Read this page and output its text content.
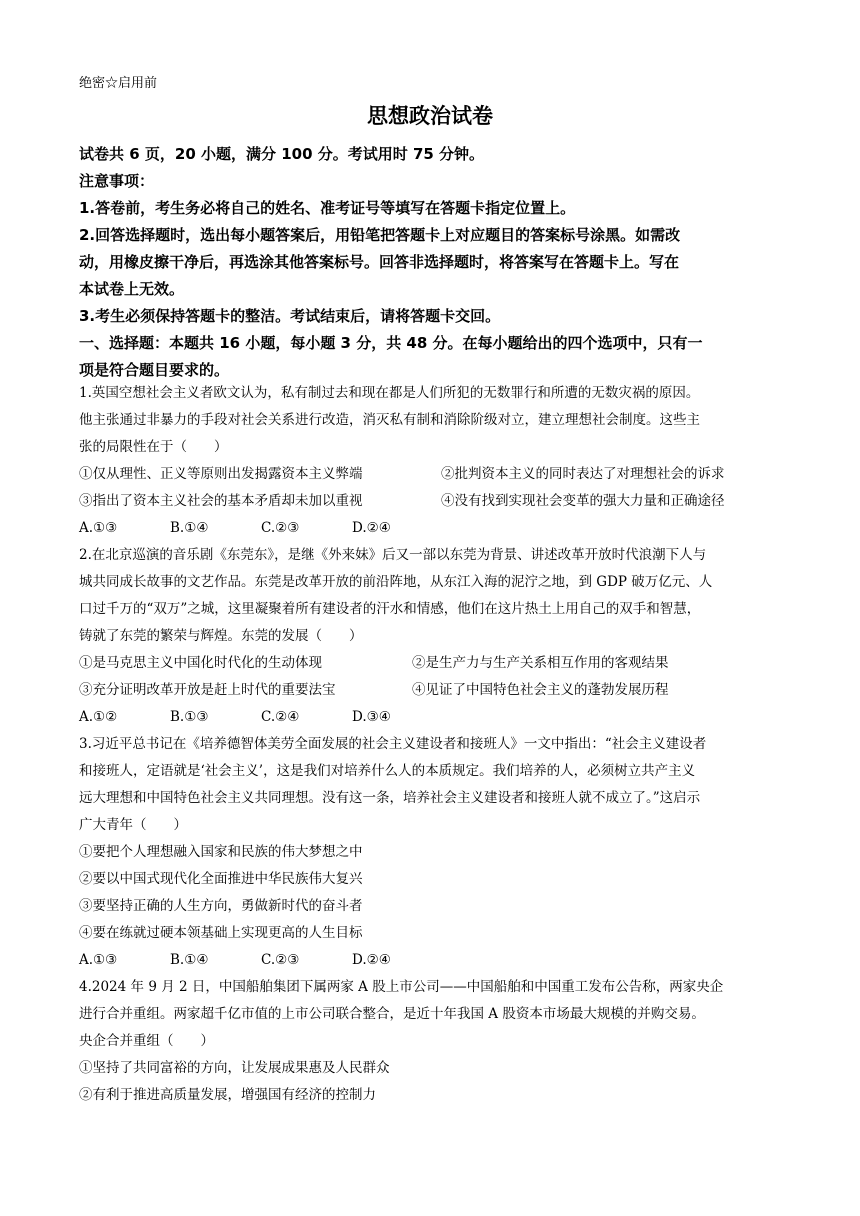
绝密☆启用前
思想政治试卷
试卷共 6 页，20 小题，满分 100 分。考试用时 75 分钟。
注意事项：
1.答卷前，考生务必将自己的姓名、准考证号等填写在答题卡指定位置上。
2.回答选择题时，选出每小题答案后，用铅笔把答题卡上对应题目的答案标号涂黑。如需改
动，用橡皮擦干净后，再选涂其他答案标号。回答非选择题时，将答案写在答题卡上。写在
本试卷上无效。
3.考生必须保持答题卡的整洁。考试结束后，请将答题卡交回。
一、选择题：本题共 16 小题，每小题 3 分，共 48 分。在每小题给出的四个选项中，只有一
项是符合题目要求的。
1.英国空想社会主义者欧文认为，私有制过去和现在都是人们所犯的无数罪行和所遭的无数灾祸的原因。
他主张通过非暴力的手段对社会关系进行改造，消灭私有制和消除阶级对立，建立理想社会制度。这些主
张的局限性在于（　　）
①仅从理性、正义等原则出发揭露资本主义弊端	②批判资本主义的同时表达了对理想社会的诉求
③指出了资本主义社会的基本矛盾却未加以重视	④没有找到实现社会变革的强大力量和正确途径
A.①③	B.①④	C.②③	D.②④
2.在北京巡演的音乐剧《东莞东》，是继《外来妹》后又一部以东莞为背景、讲述改革开放时代浪潮下人与
城共同成长故事的文艺作品。东莞是改革开放的前沿阵地，从东江入海的泥泞之地，到 GDP 破万亿元、人
口过千万的“双万”之城，这里凝聚着所有建设者的汗水和情感，他们在这片热土上用自己的双手和智慧，
铸就了东莞的繁荣与辉煌。东莞的发展（　　）
①是马克思主义中国化时代化的生动体现	②是生产力与生产关系相互作用的客观结果
③充分证明改革开放是赶上时代的重要法宝	④见证了中国特色社会主义的蓬勃发展历程
A.①②	B.①③	C.②④	D.③④
3.习近平总书记在《培养德智体美劳全面发展的社会主义建设者和接班人》一文中指出：“社会主义建设者
和接班人，定语就是‘社会主义’，这是我们对培养什么人的本质规定。我们培养的人，必须树立共产主义
远大理想和中国特色社会主义共同理想。没有这一条，培养社会主义建设者和接班人就不成立了。”这启示
广大青年（　　）
①要把个人理想融入国家和民族的伟大梦想之中
②要以中国式现代化全面推进中华民族伟大复兴
③要坚持正确的人生方向，勇做新时代的奋斗者
④要在练就过硬本领基础上实现更高的人生目标
A.①③	B.①④	C.②③	D.②④
4.2024 年 9 月 2 日，中国船舶集团下属两家 A 股上市公司——中国船舶和中国重工发布公告称，两家央企
进行合并重组。两家超千亿市值的上市公司联合整合，是近十年我国 A 股资本市场最大规模的并购交易。
央企合并重组（　　）
①坚持了共同富裕的方向，让发展成果惠及人民群众
②有利于推进高质量发展，增强国有经济的控制力
